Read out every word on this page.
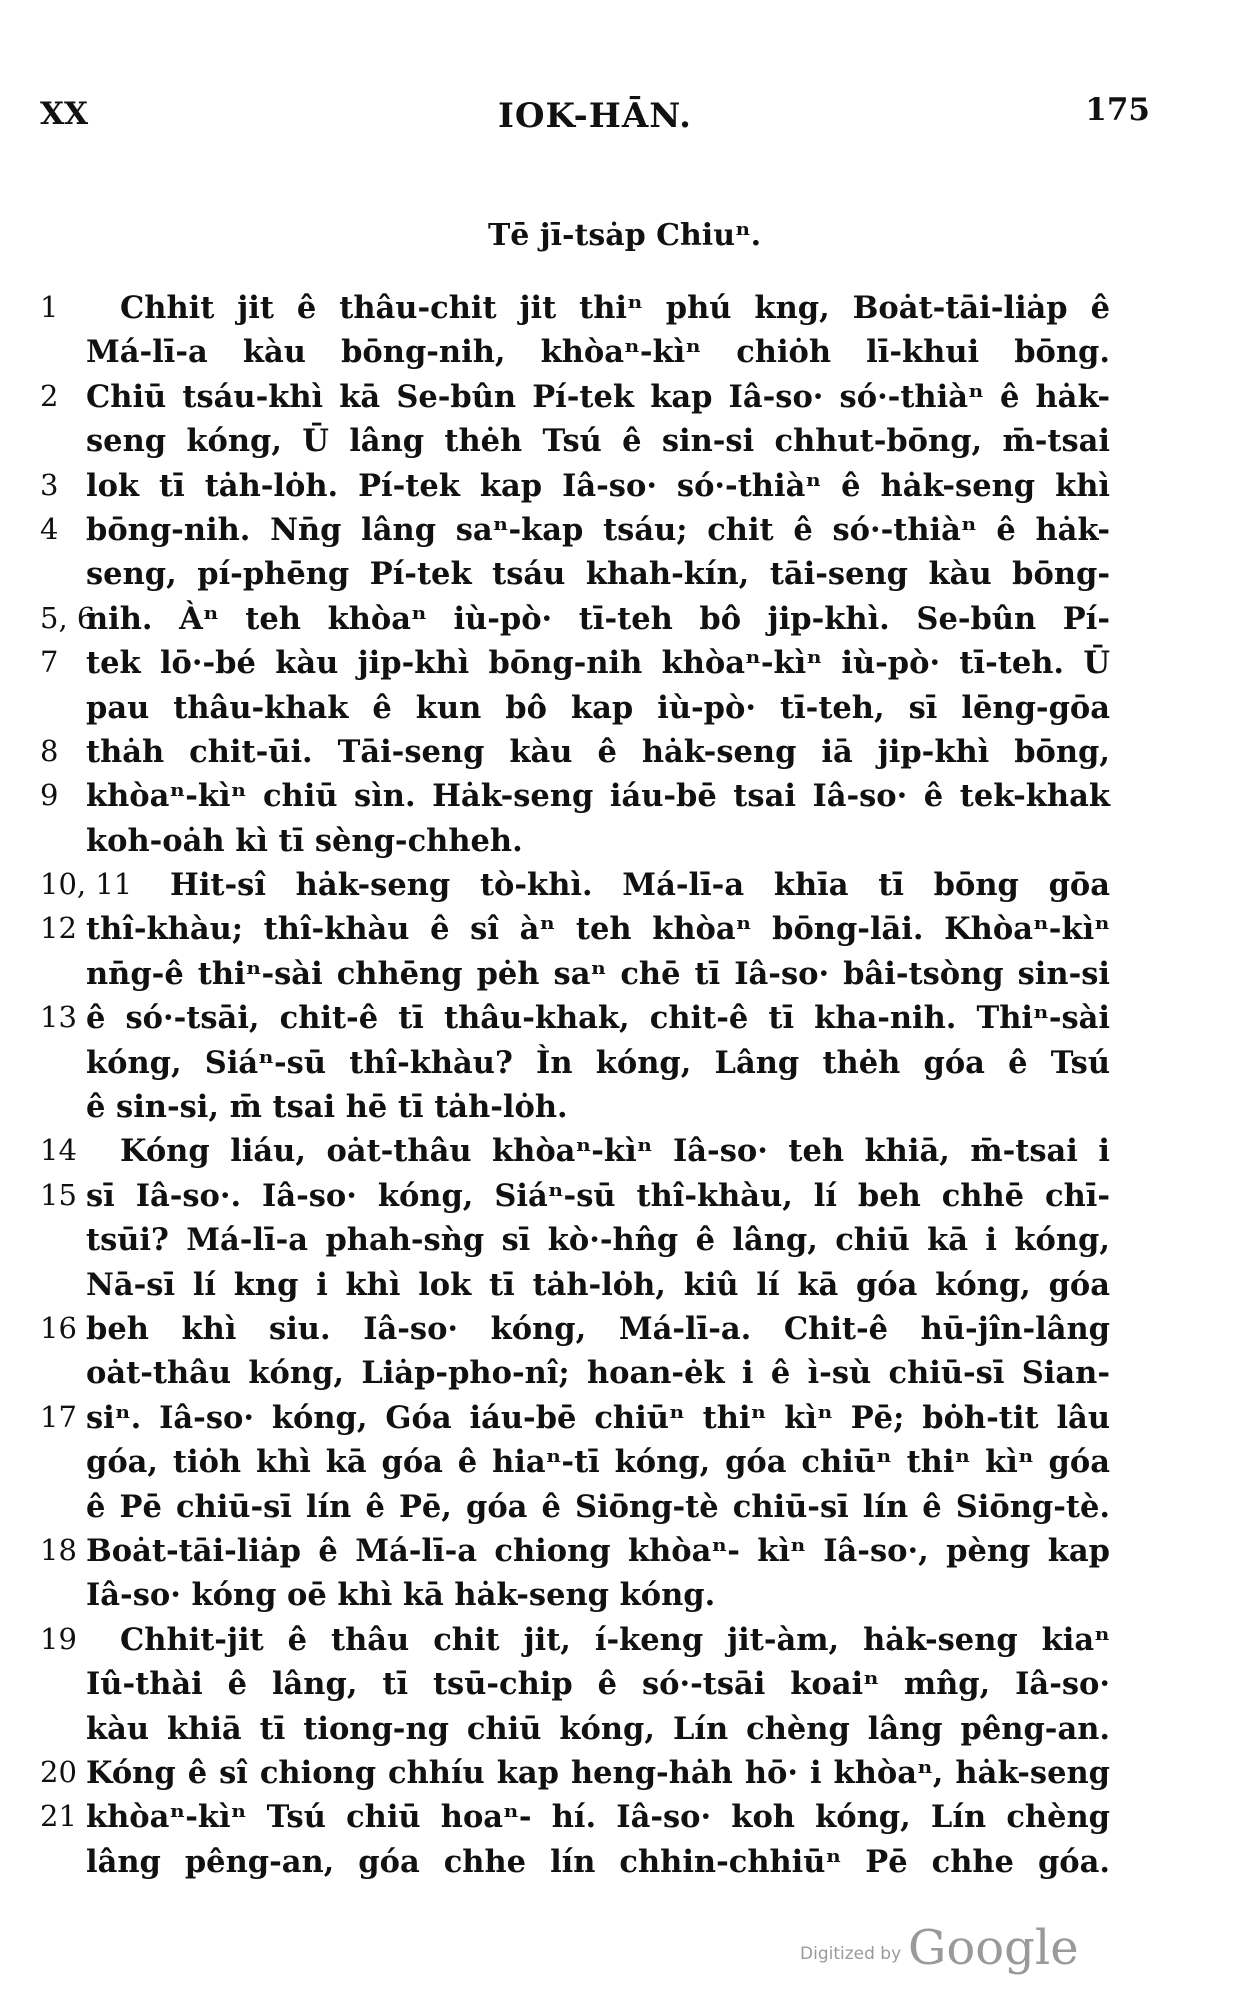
XX	IOK-HĀN.	175
Tē jī-tsȧp Chiuⁿ.
1 Chhit jit ê thâu-chit jit thiⁿ phú kng, Boȧt-tāi-liȧp ê
Má-lī-a kàu bōng-nih, khòaⁿ-kìⁿ chiȯh lī-khui bōng.
2 Chiū tsáu-khì kā Se-bûn Pí-tek kap Iâ-so· só·-thiàⁿ ê hȧk-
seng kóng, Ū lâng thėh Tsú ê sin-si chhut-bōng, m̄-tsai
3 lok tī tȧh-lȯh. Pí-tek kap Iâ-so· só·-thiàⁿ ê hȧk-seng khì
4 bōng-nih. Nn̄g lâng saⁿ-kap tsáu; chit ê só·-thiàⁿ ê hȧk-
seng, pí-phēng Pí-tek tsáu khah-kín, tāi-seng kàu bōng-
5, 6
nih. Àⁿ teh khòaⁿ iù-pò· tī-teh bô jip-khì. Se-bûn Pí-
7 tek lō·-bé kàu jip-khì bōng-nih khòaⁿ-kìⁿ iù-pò· tī-teh. Ū
pau thâu-khak ê kun bô kap iù-pò· tī-teh, sī lēng-gōa
8 thȧh chit-ūi. Tāi-seng kàu ê hȧk-seng iā jip-khì bōng,
9 khòaⁿ-kìⁿ chiū sìn. Hȧk-seng iáu-bē tsai Iâ-so· ê tek-khak
koh-oȧh kì tī sèng-chheh.
10, 11 Hit-sî hȧk-seng tò-khì. Má-lī-a khīa tī bōng gōa
12 thî-khàu; thî-khàu ê sî àⁿ teh khòaⁿ bōng-lāi. Khòaⁿ-kìⁿ
nn̄g-ê thiⁿ-sài chhēng pėh saⁿ chē tī Iâ-so· bâi-tsòng sin-si
13 ê só·-tsāi, chit-ê tī thâu-khak, chit-ê tī kha-nih. Thiⁿ-sài
kóng, Siáⁿ-sū thî-khàu? Ìn kóng, Lâng thėh góa ê Tsú
ê sin-si, m̄ tsai hē tī tȧh-lȯh.
14 Kóng liáu, oȧt-thâu khòaⁿ-kìⁿ Iâ-so· teh khiā, m̄-tsai i
15 sī Iâ-so·. Iâ-so· kóng, Siáⁿ-sū thî-khàu, lí beh chhē chī-
tsūi? Má-lī-a phah-sǹg sī kò·-hn̂g ê lâng, chiū kā i kóng,
Nā-sī lí kng i khì lok tī tȧh-lȯh, kiû lí kā góa kóng, góa
16 beh khì siu. Iâ-so· kóng, Má-lī-a. Chit-ê hū-jîn-lâng
oȧt-thâu kóng, Liȧp-pho-nî; hoan-ėk i ê ì-sù chiū-sī Sian-
17 siⁿ. Iâ-so· kóng, Góa iáu-bē chiūⁿ thiⁿ kìⁿ Pē; bȯh-tit lâu
góa, tiȯh khì kā góa ê hiaⁿ-tī kóng, góa chiūⁿ thiⁿ kìⁿ góa
ê Pē chiū-sī lín ê Pē, góa ê Siōng-tè chiū-sī lín ê Siōng-tè.
18 Boȧt-tāi-liȧp ê Má-lī-a chiong khòaⁿ- kìⁿ Iâ-so·, pèng kap
Iâ-so· kóng oē khì kā hȧk-seng kóng.
19 Chhit-jit ê thâu chit jit, í-keng jit-àm, hȧk-seng kiaⁿ
Iû-thài ê lâng, tī tsū-chip ê só·-tsāi koaiⁿ mn̂g, Iâ-so·
kàu khiā tī tiong-ng chiū kóng, Lín chèng lâng pêng-an.
20 Kóng ê sî chiong chhíu kap heng-hȧh hō· i khòaⁿ, hȧk-seng
21 khòaⁿ-kìⁿ Tsú chiū hoaⁿ- hí. Iâ-so· koh kóng, Lín chèng
lâng pêng-an, góa chhe lín chhin-chhiūⁿ Pē chhe góa.
Digitized by Google
